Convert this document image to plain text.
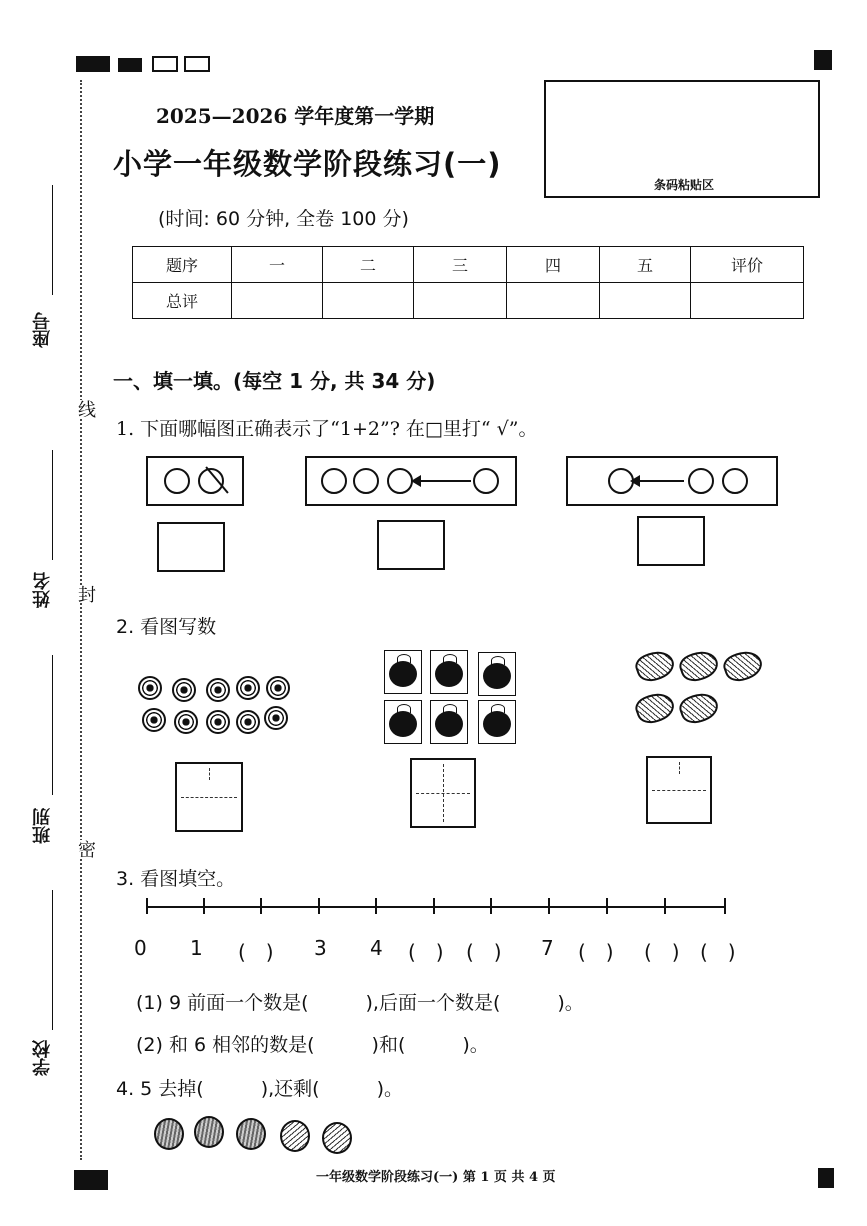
线
封
密
座号
姓名
班别
学校
2025—2026 学年度第一学期
小学一年级数学阶段练习(一)
(时间: 60 分钟, 全卷 100 分)
条码粘贴区
题序	一	二	三	四	五	评价
总评						
一、填一填。(每空 1 分, 共 34 分)
1. 下面哪幅图正确表示了“1+2”? 在□里打“ √”。
2. 看图写数
3. 看图填空。
0 1 (　) 3 4 (　) (　) 7 (　) (　) (　)
(1) 9 前面一个数是(　　　),后面一个数是(　　　)。
(2) 和 6 相邻的数是(　　　)和(　　　)。
4. 5 去掉(　　　),还剩(　　　)。
一年级数学阶段练习(一) 第 1 页 共 4 页
